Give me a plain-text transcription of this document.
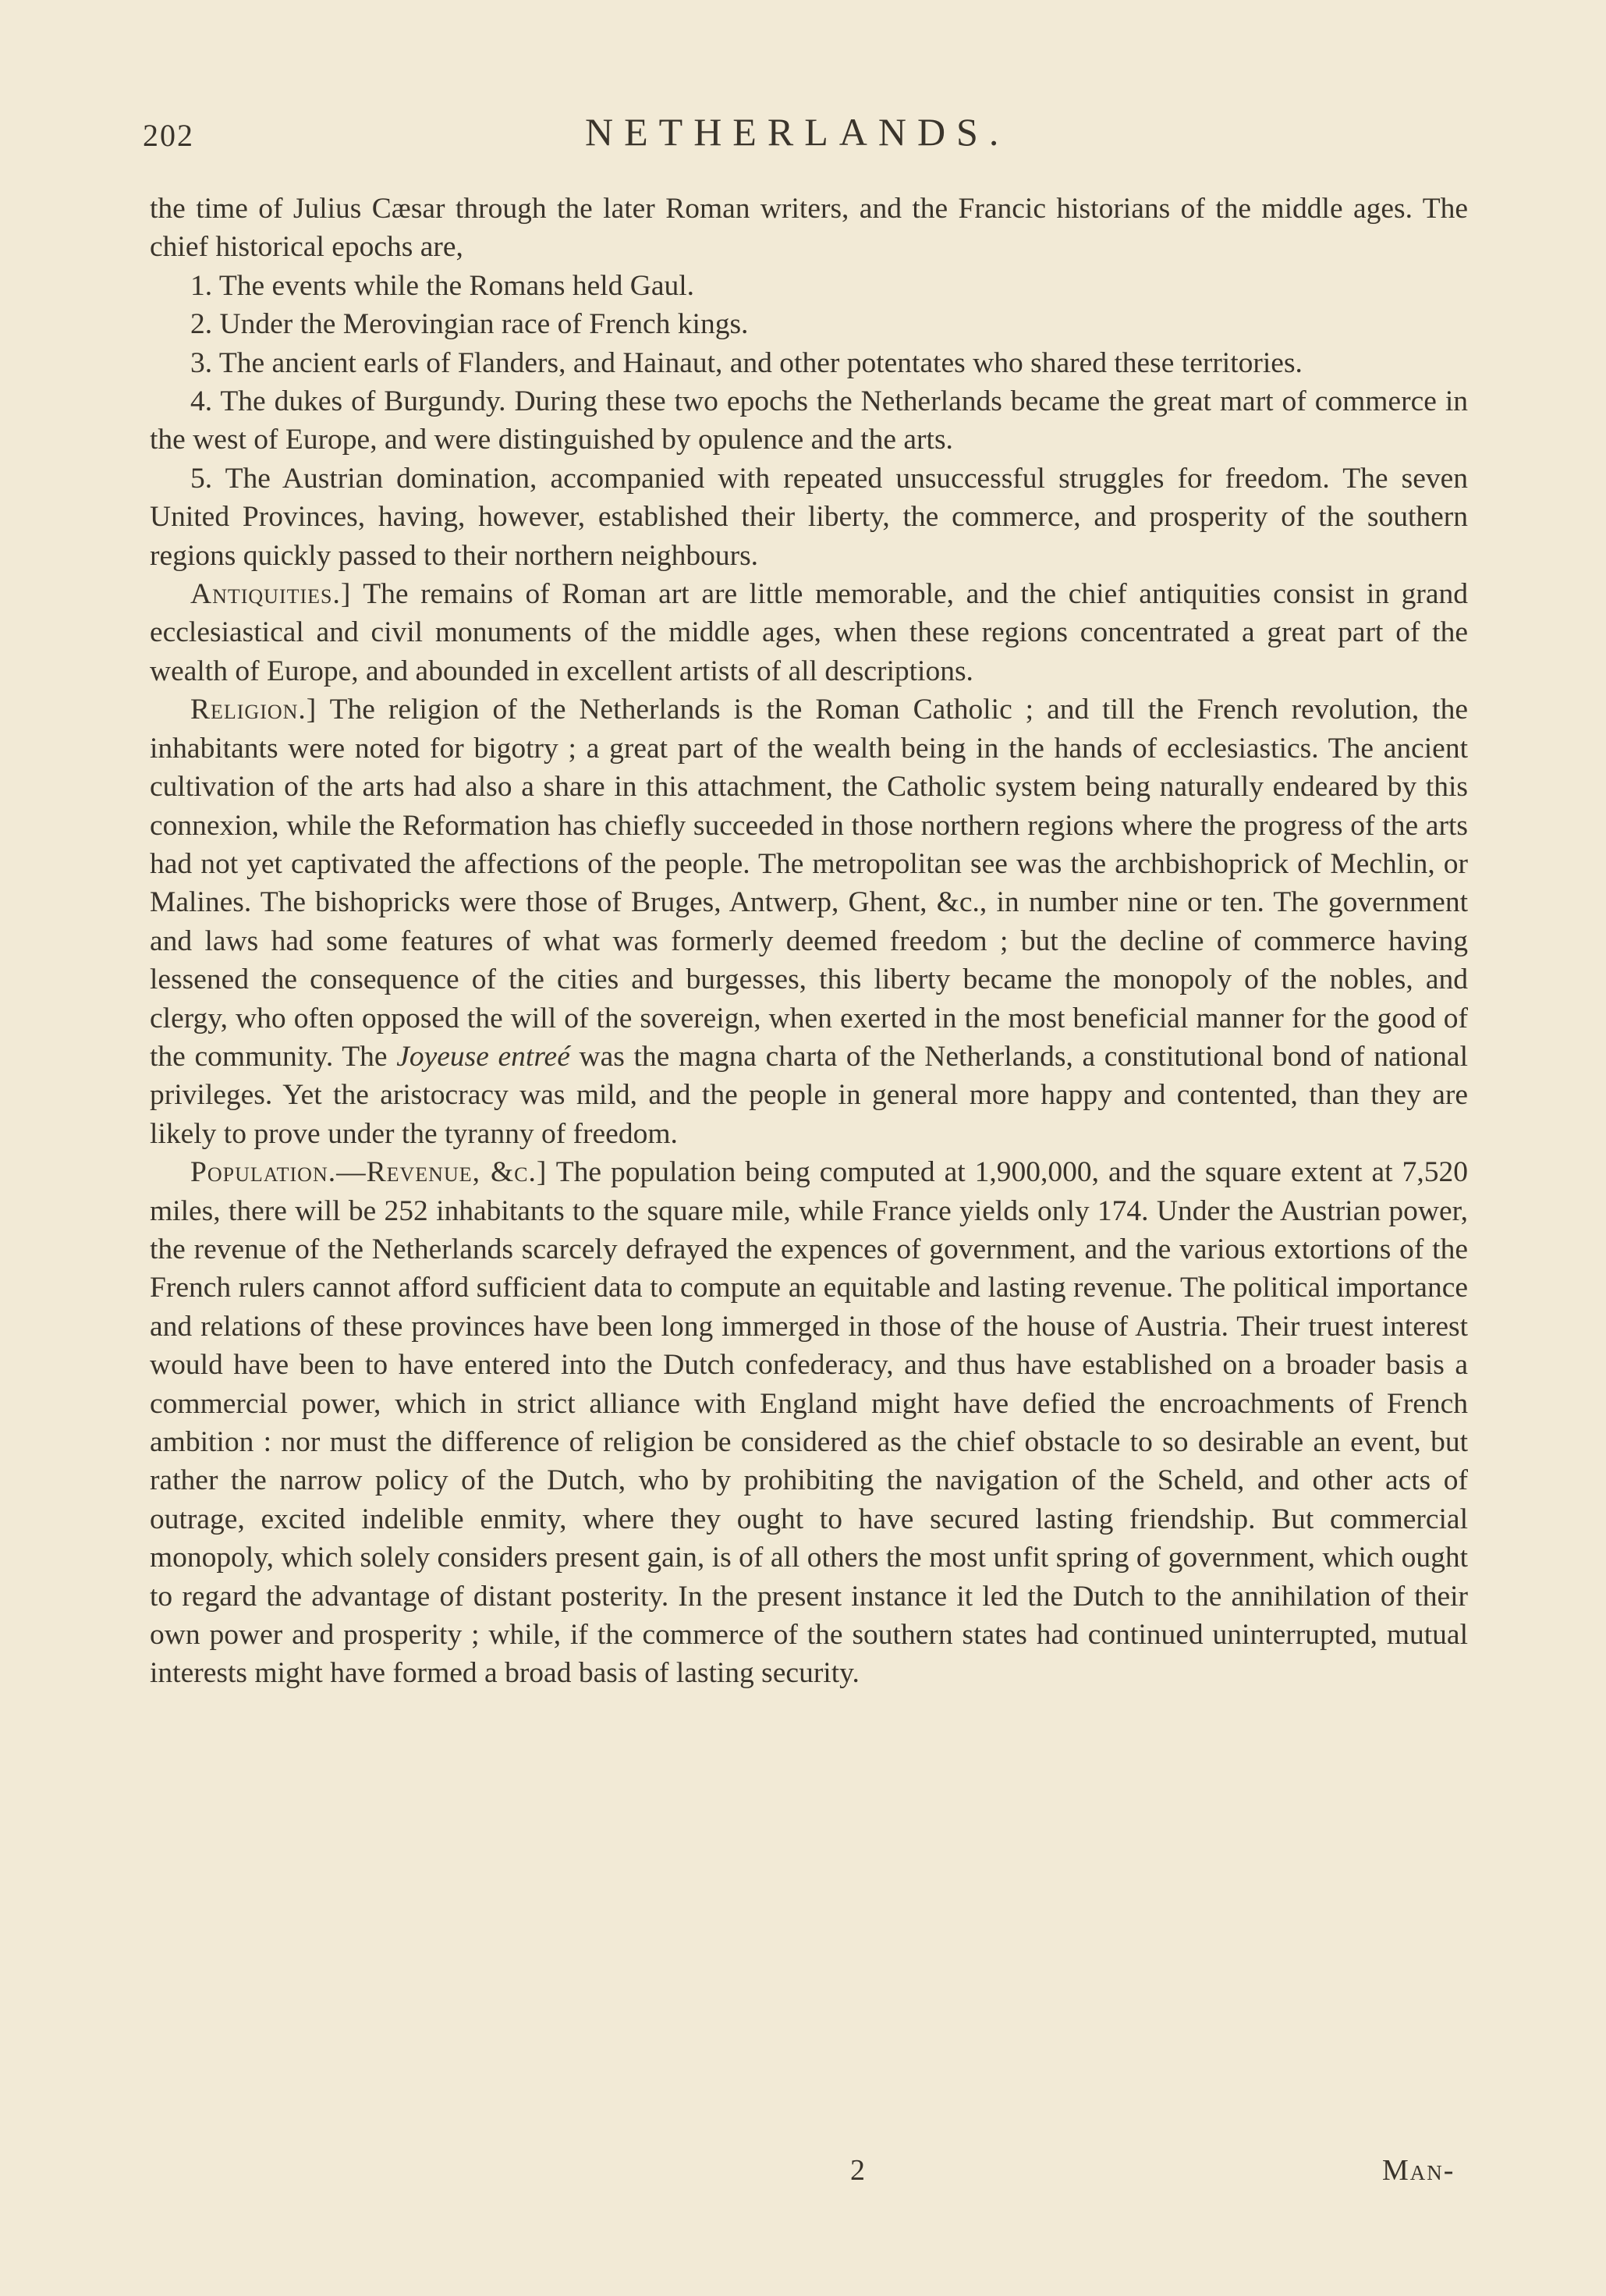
202	NETHERLANDS.

the time of Julius Cæsar through the later Roman writers, and the Francic historians of the middle ages. The chief historical epochs are,

1. The events while the Romans held Gaul.

2. Under the Merovingian race of French kings.

3. The ancient earls of Flanders, and Hainaut, and other potentates who shared these territories.

4. The dukes of Burgundy. During these two epochs the Netherlands became the great mart of commerce in the west of Europe, and were distinguished by opulence and the arts.

5. The Austrian domination, accompanied with repeated unsuccessful struggles for freedom. The seven United Provinces, having, however, established their liberty, the commerce, and prosperity of the southern regions quickly passed to their northern neighbours.

Antiquities.] The remains of Roman art are little memorable, and the chief antiquities consist in grand ecclesiastical and civil monuments of the middle ages, when these regions concentrated a great part of the wealth of Europe, and abounded in excellent artists of all descriptions.

Religion.] The religion of the Netherlands is the Roman Catholic ; and till the French revolution, the inhabitants were noted for bigotry ; a great part of the wealth being in the hands of ecclesiastics. The ancient cultivation of the arts had also a share in this attachment, the Catholic system being naturally endeared by this connexion, while the Reformation has chiefly succeeded in those northern regions where the progress of the arts had not yet captivated the affections of the people. The metropolitan see was the archbishoprick of Mechlin, or Malines. The bishopricks were those of Bruges, Antwerp, Ghent, &c., in number nine or ten. The government and laws had some features of what was formerly deemed freedom ; but the decline of commerce having lessened the consequence of the cities and burgesses, this liberty became the monopoly of the nobles, and clergy, who often opposed the will of the sovereign, when exerted in the most beneficial manner for the good of the community. The Joyeuse entreé was the magna charta of the Netherlands, a constitutional bond of national privileges. Yet the aristocracy was mild, and the people in general more happy and contented, than they are likely to prove under the tyranny of freedom.

Population.—Revenue, &c.] The population being computed at 1,900,000, and the square extent at 7,520 miles, there will be 252 inhabitants to the square mile, while France yields only 174. Under the Austrian power, the revenue of the Netherlands scarcely defrayed the expences of government, and the various extortions of the French rulers cannot afford sufficient data to compute an equitable and lasting revenue. The political importance and relations of these provinces have been long immerged in those of the house of Austria. Their truest interest would have been to have entered into the Dutch confederacy, and thus have established on a broader basis a commercial power, which in strict alliance with England might have defied the encroachments of French ambition : nor must the difference of religion be considered as the chief obstacle to so desirable an event, but rather the narrow policy of the Dutch, who by prohibiting the navigation of the Scheld, and other acts of outrage, excited indelible enmity, where they ought to have secured lasting friendship. But commercial monopoly, which solely considers present gain, is of all others the most unfit spring of government, which ought to regard the advantage of distant posterity. In the present instance it led the Dutch to the annihilation of their own power and prosperity ; while, if the commerce of the southern states had continued uninterrupted, mutual interests might have formed a broad basis of lasting security.

2	Man-
